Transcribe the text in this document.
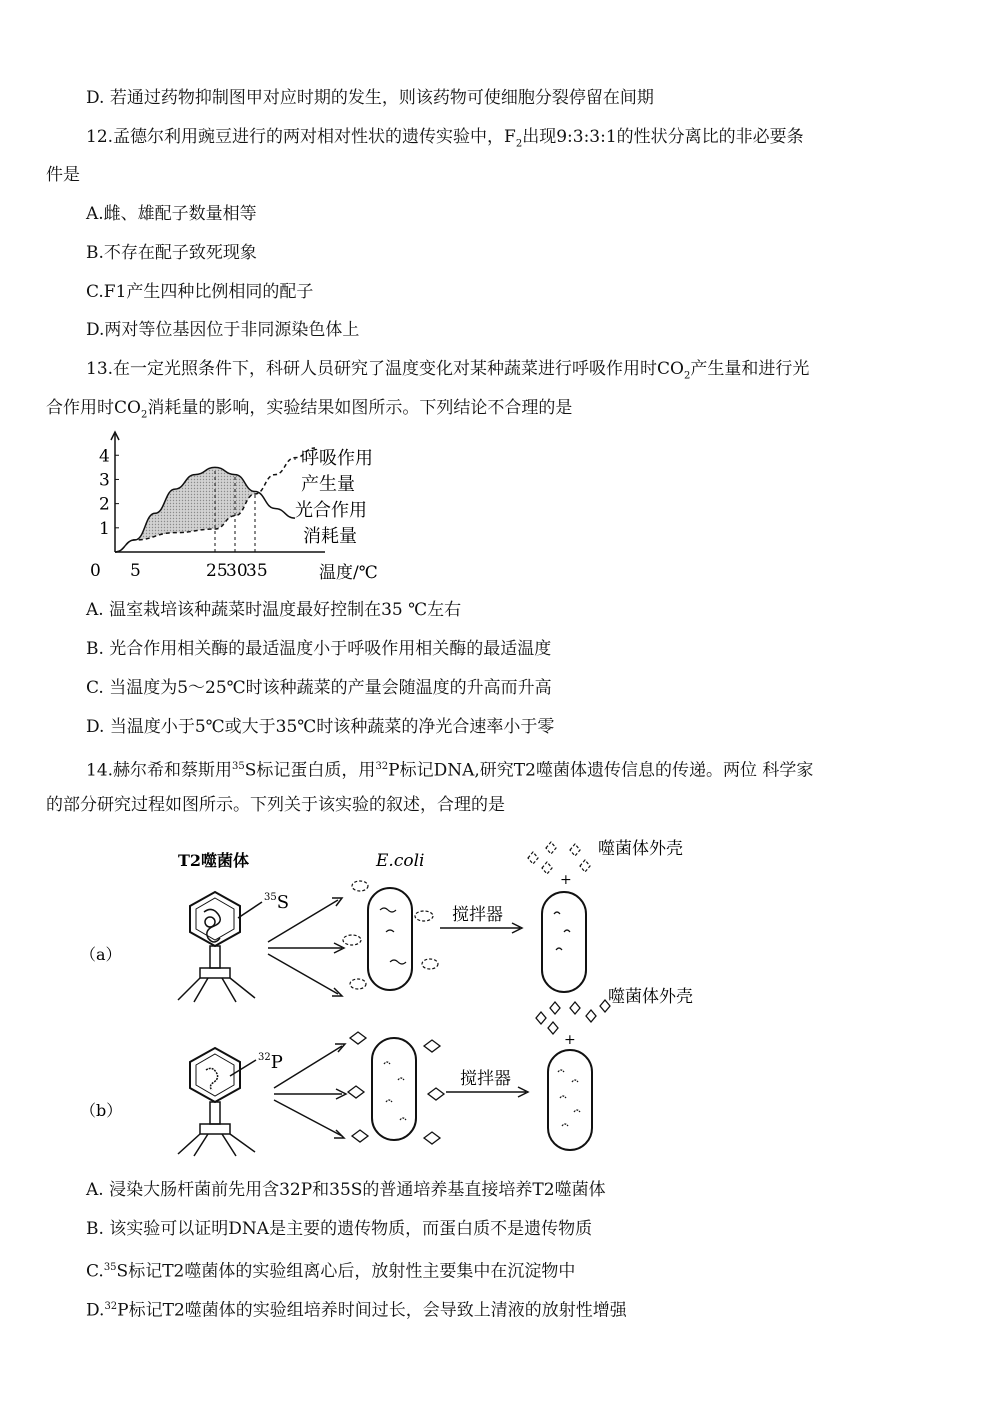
D. 若通过药物抑制图甲对应时期的发生，则该药物可使细胞分裂停留在间期
12.孟德尔利用豌豆进行的两对相对性状的遗传实验中，$F_2$出现9:3:3:1的性状分离比的非必要条
件是
A.雌、雄配子数量相等
B.不存在配子致死现象
C.F1产生四种比例相同的配子
D.两对等位基因位于非同源染色体上
13.在一定光照条件下，科研人员研究了温度变化对某种蔬菜进行呼吸作用时$CO_2$产生量和进行光
合作用时$CO_2$消耗量的影响，实验结果如图所示。下列结论不合理的是
1
2
3
4
0 5	25
30
35	温度/℃
呼吸作用
产生量
光合作用
消耗量
A. 温室栽培该种蔬菜时温度最好控制在35 ℃左右
B. 光合作用相关酶的最适温度小于呼吸作用相关酶的最适温度
C. 当温度为5～25℃时该种蔬菜的产量会随温度的升高而升高
D. 当温度小于5℃或大于35℃时该种蔬菜的净光合速率小于零
14.赫尔希和蔡斯用$^{35}$S标记蛋白质，用$^{32}$P标记DNA,研究T2噬菌体遗传信息的传递。两位 科学家
的部分研究过程如图所示。下列关于该实验的叙述，合理的是
T2噬菌体
$^{35}$S
$^{32}$P
E.coli
搅拌器
搅拌器
噬菌体外壳
噬菌体外壳
+
+
（a）
（b）
A. 浸染大肠杆菌前先用含32P和35S的普通培养基直接培养T2噬菌体
B. 该实验可以证明DNA是主要的遗传物质，而蛋白质不是遗传物质
C.$^{35}$S标记T2噬菌体的实验组离心后，放射性主要集中在沉淀物中
D.$^{32}$P标记T2噬菌体的实验组培养时间过长，会导致上清液的放射性增强
